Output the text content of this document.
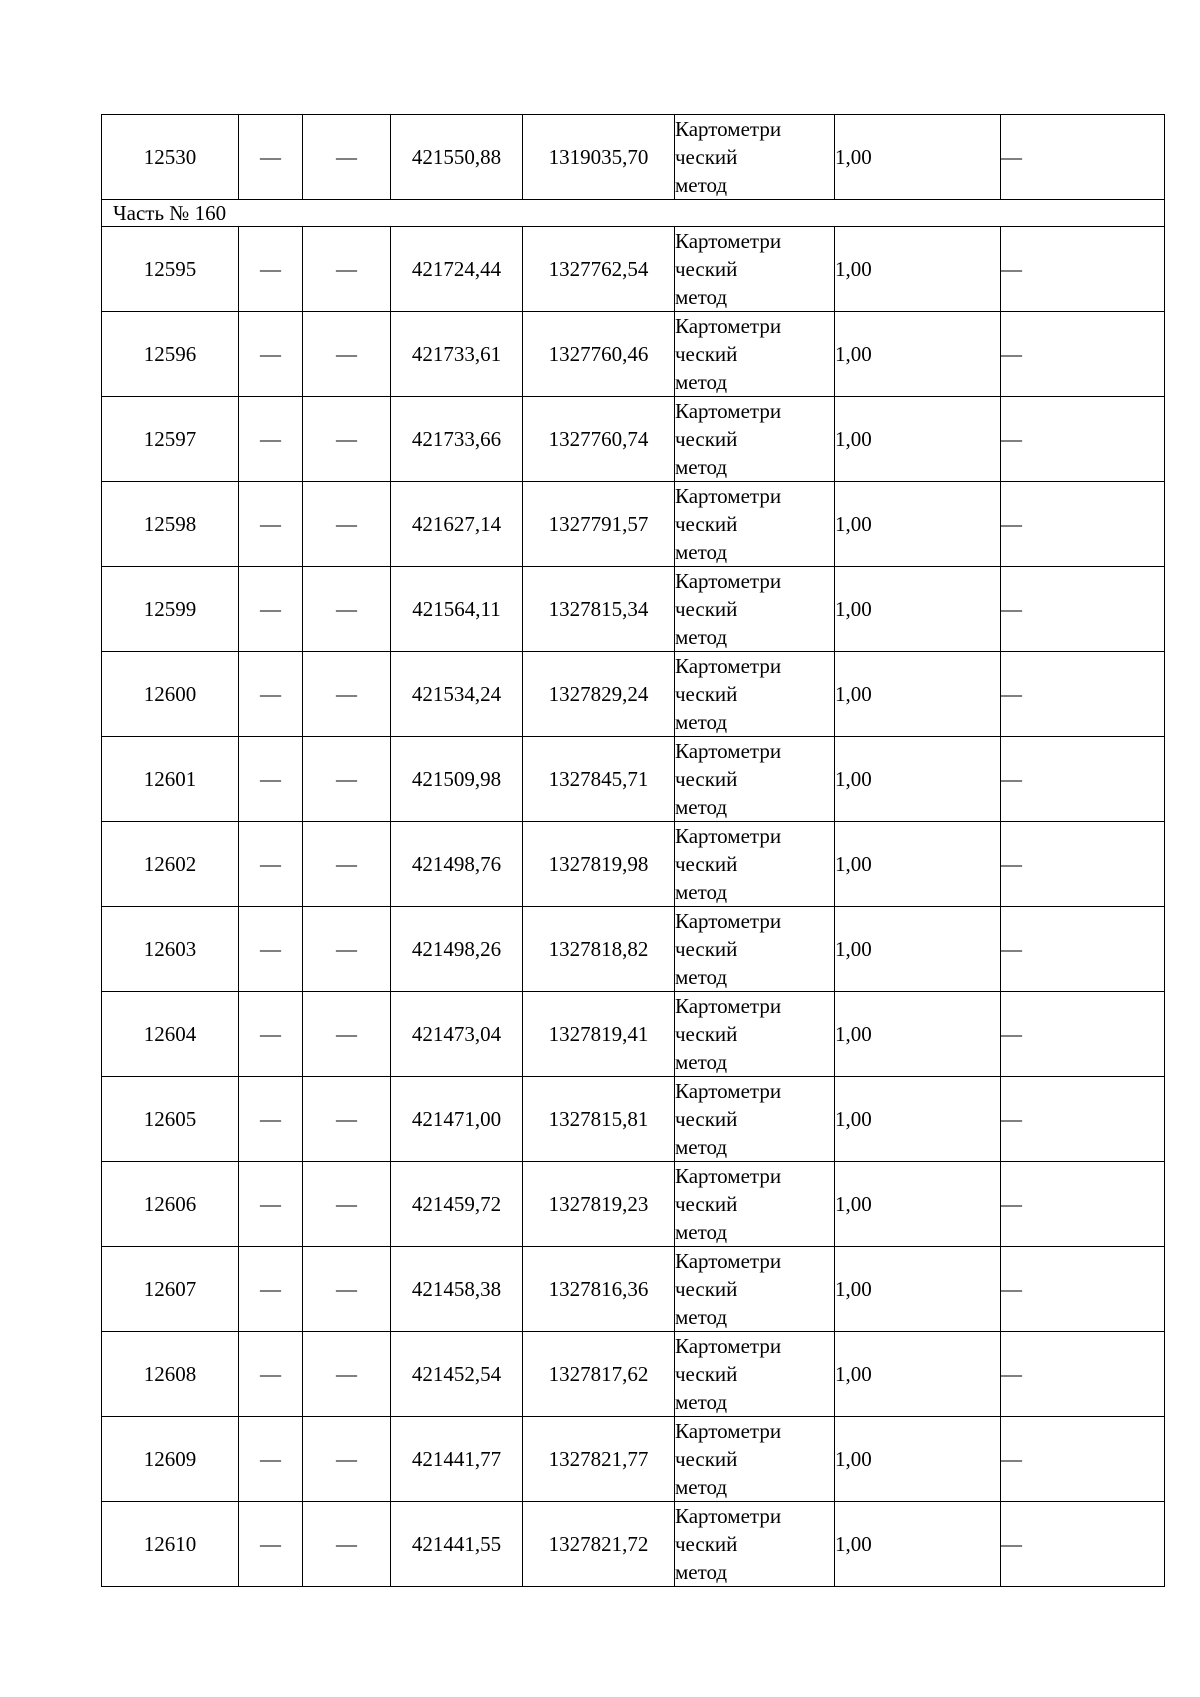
12530	—	—	421550,88	1319035,70	Картометри
ческий
метод	1,00	—
Часть № 160							
12595	—	—	421724,44	1327762,54	Картометри
ческий
метод	1,00	—
12596	—	—	421733,61	1327760,46	Картометри
ческий
метод	1,00	—
12597	—	—	421733,66	1327760,74	Картометри
ческий
метод	1,00	—
12598	—	—	421627,14	1327791,57	Картометри
ческий
метод	1,00	—
12599	—	—	421564,11	1327815,34	Картометри
ческий
метод	1,00	—
12600	—	—	421534,24	1327829,24	Картометри
ческий
метод	1,00	—
12601	—	—	421509,98	1327845,71	Картометри
ческий
метод	1,00	—
12602	—	—	421498,76	1327819,98	Картометри
ческий
метод	1,00	—
12603	—	—	421498,26	1327818,82	Картометри
ческий
метод	1,00	—
12604	—	—	421473,04	1327819,41	Картометри
ческий
метод	1,00	—
12605	—	—	421471,00	1327815,81	Картометри
ческий
метод	1,00	—
12606	—	—	421459,72	1327819,23	Картометри
ческий
метод	1,00	—
12607	—	—	421458,38	1327816,36	Картометри
ческий
метод	1,00	—
12608	—	—	421452,54	1327817,62	Картометри
ческий
метод	1,00	—
12609	—	—	421441,77	1327821,77	Картометри
ческий
метод	1,00	—
12610	—	—	421441,55	1327821,72	Картометри
ческий
метод	1,00	—
